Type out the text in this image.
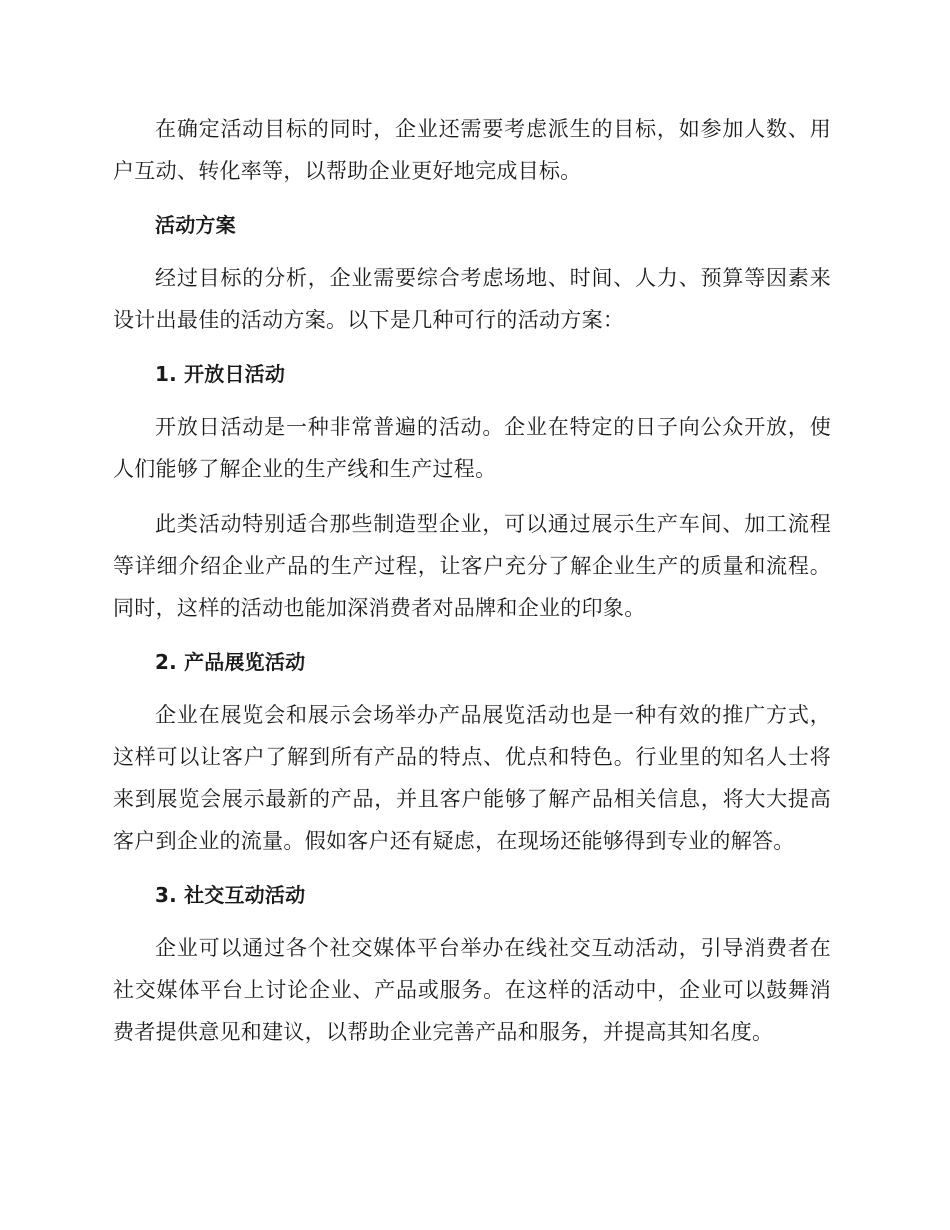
在确定活动目标的同时，企业还需要考虑派生的目标，如参加人数、用户互动、转化率等，以帮助企业更好地完成目标。

活动方案

经过目标的分析，企业需要综合考虑场地、时间、人力、预算等因素来设计出最佳的活动方案。以下是几种可行的活动方案：

1. 开放日活动

开放日活动是一种非常普遍的活动。企业在特定的日子向公众开放，使人们能够了解企业的生产线和生产过程。

此类活动特别适合那些制造型企业，可以通过展示生产车间、加工流程等详细介绍企业产品的生产过程，让客户充分了解企业生产的质量和流程。同时，这样的活动也能加深消费者对品牌和企业的印象。

2. 产品展览活动

企业在展览会和展示会场举办产品展览活动也是一种有效的推广方式，这样可以让客户了解到所有产品的特点、优点和特色。行业里的知名人士将来到展览会展示最新的产品，并且客户能够了解产品相关信息，将大大提高客户到企业的流量。假如客户还有疑虑，在现场还能够得到专业的解答。

3. 社交互动活动

企业可以通过各个社交媒体平台举办在线社交互动活动，引导消费者在社交媒体平台上讨论企业、产品或服务。在这样的活动中，企业可以鼓舞消费者提供意见和建议，以帮助企业完善产品和服务，并提高其知名度。
